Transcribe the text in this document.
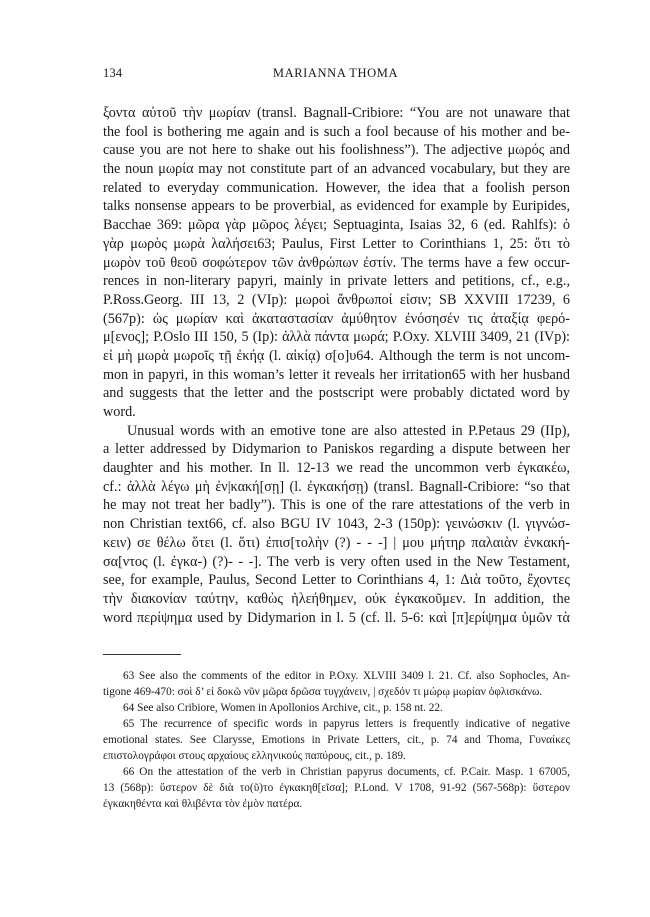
134	MARIANNA THOMA
ξοντα αὐτοῦ τὴν μωρίαν (transl. Bagnall-Cribiore: “You are not unaware that
the fool is bothering me again and is such a fool because of his mother and be-
cause you are not here to shake out his foolishness”). The adjective μωρός and
the noun μωρία may not constitute part of an advanced vocabulary, but they are
related to everyday communication. However, the idea that a foolish person
talks nonsense appears to be proverbial, as evidenced for example by Euripides,
Bacchae 369: μῶρα γὰρ μῶρος λέγει; Septuaginta, Isaias 32, 6 (ed. Rahlfs): ὁ
γὰρ μωρὸς μωρὰ λαλήσει63; Paulus, First Letter to Corinthians 1, 25: ὅτι τὸ
μωρὸν τοῦ θεοῦ σοφώτερον τῶν ἀνθρώπων ἐστίν. The terms have a few occur-
rences in non-literary papyri, mainly in private letters and petitions, cf., e.g.,
P.Ross.Georg. III 13, 2 (VIp): μωροὶ ἄνθρωποί εἰσιν; SB XXVIII 17239, 6
(567p): ὡς μωρίαν καὶ ἀκαταστασίαν ἀμύθητον ἐνόσησέν τις ἀταξίᾳ φερό-
μ[ενος]; P.Oslo III 150, 5 (Ip): ἀλλὰ πάντα μωρά; P.Oxy. XLVIII 3409, 21 (IVp):
εἰ μὴ μωρὰ μωροῖς τῇ ἐκήᾳ (l. αἰκίᾳ) σ[ο]υ64. Although the term is not uncom-
mon in papyri, in this woman’s letter it reveals her irritation65 with her husband
and suggests that the letter and the postscript were probably dictated word by
word.
Unusual words with an emotive tone are also attested in P.Petaus 29 (IIp),
a letter addressed by Didymarion to Paniskos regarding a dispute between her
daughter and his mother. In ll. 12-13 we read the uncommon verb ἐγκακέω,
cf.: ἀλλὰ λέγω μὴ ἐν|κακή[σῃ] (l. ἐγκακήσῃ) (transl. Bagnall-Cribiore: “so that
he may not treat her badly”). This is one of the rare attestations of the verb in
non Christian text66, cf. also BGU IV 1043, 2-3 (150p): γεινώσκιν (l. γιγνώσ-
κειν) σε θέλω ὅτει (l. ὅτι) ἐπισ[τολὴν (?) - - -] | μου μήτηρ παλαιὰν ἐνκακή-
σα[ντος (l. ἐγκα-) (?)- - -]. The verb is very often used in the New Testament,
see, for example, Paulus, Second Letter to Corinthians 4, 1: Διὰ τοῦτο, ἔχοντες
τὴν διακονίαν ταύτην, καθὼς ἠλεήθημεν, οὐκ ἐγκακοῦμεν. In addition, the
word περίψημα used by Didymarion in l. 5 (cf. ll. 5-6: καὶ [π]ερίψημα ὑμῶν τὰ
63 See also the comments of the editor in P.Oxy. XLVIII 3409 l. 21. Cf. also Sophocles, An-
tigone 469-470: σοὶ δ’ εἰ δοκῶ νῦν μῶρα δρῶσα τυγχάνειν, | σχεδόν τι μώρῳ μωρίαν ὀφλισκάνω.
64 See also Cribiore, Women in Apollonios Archive, cit., p. 158 nt. 22.
65 The recurrence of specific words in papyrus letters is frequently indicative of negative
emotional states. See Clarysse, Emotions in Private Letters, cit., p. 74 and Thoma, Γυναίκες
επιστολογράφοι στους αρχαίους ελληνικούς παπύρους, cit., p. 189.
66 On the attestation of the verb in Christian papyrus documents, cf. P.Cair. Masp. 1 67005,
13 (568p): ὕστερον δὲ διὰ το(ῦ)το ἐγκακηθ[εῖσα]; P.Lond. V 1708, 91-92 (567-568p): ὕστερον
ἐγκακηθέντα καὶ θλιβέντα τὸν ἐμὸν πατέρα.
